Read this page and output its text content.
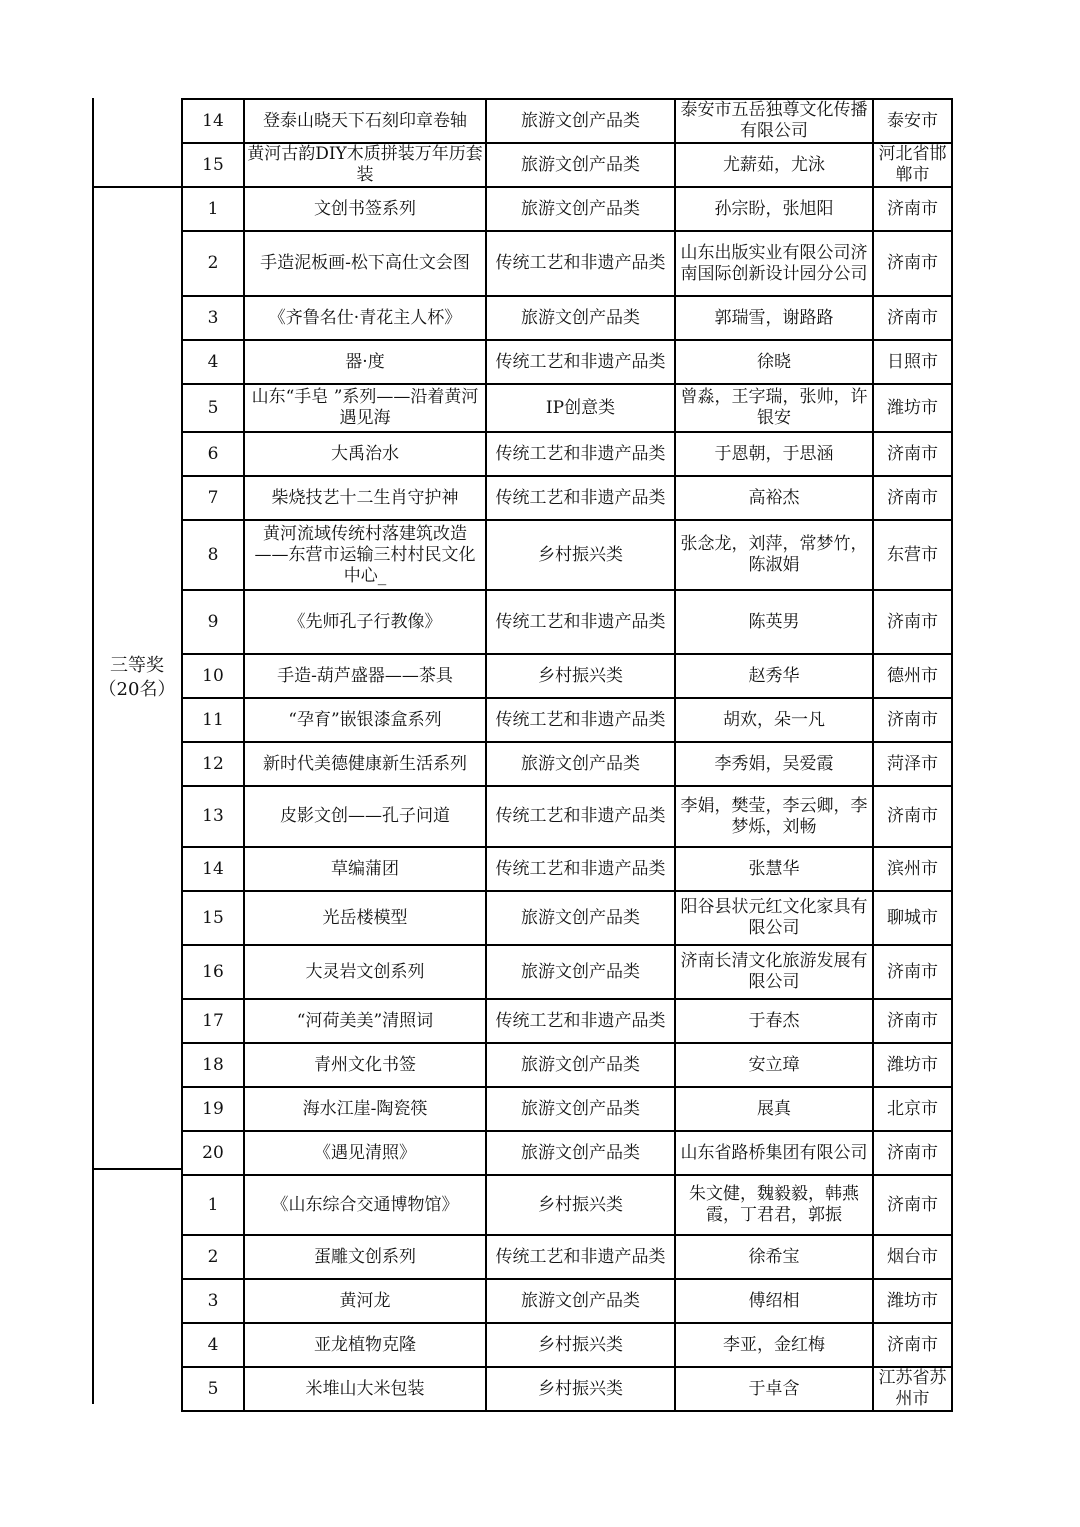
三等奖
（20名）
14	登泰山晓天下石刻印章卷轴	旅游文创产品类	泰安市五岳独尊文化传播有限公司	泰安市
15	黄河古韵DIY木质拼装万年历套装	旅游文创产品类	尤薪茹，尤泳	河北省邯郸市
1	文创书签系列	旅游文创产品类	孙宗盼，张旭阳	济南市
2	手造泥板画-松下高仕文会图	传统工艺和非遗产品类	山东出版实业有限公司济南国际创新设计园分公司	济南市
3	《齐鲁名仕·青花主人杯》	旅游文创产品类	郭瑞雪，谢路路	济南市
4	器·度	传统工艺和非遗产品类	徐晓	日照市
5	山东“手皂 ”系列——沿着黄河遇见海	IP创意类	曾淼，王字瑞，张帅，许银安	潍坊市
6	大禹治水	传统工艺和非遗产品类	于恩朝，于思涵	济南市
7	柴烧技艺十二生肖守护神	传统工艺和非遗产品类	高裕杰	济南市
8	黄河流域传统村落建筑改造——东营市运输三村村民文化中心_	乡村振兴类	张念龙，刘萍，常梦竹，陈淑娟	东营市
9	《先师孔子行教像》	传统工艺和非遗产品类	陈英男	济南市
10	手造-葫芦盛器——茶具	乡村振兴类	赵秀华	德州市
11	“孕育”嵌银漆盒系列	传统工艺和非遗产品类	胡欢，朵一凡	济南市
12	新时代美德健康新生活系列	旅游文创产品类	李秀娟，吴爱霞	菏泽市
13	皮影文创——孔子问道	传统工艺和非遗产品类	李娟，樊莹，李云卿，李梦烁，刘畅	济南市
14	草编蒲团	传统工艺和非遗产品类	张慧华	滨州市
15	光岳楼模型	旅游文创产品类	阳谷县状元红文化家具有限公司	聊城市
16	大灵岩文创系列	旅游文创产品类	济南长清文化旅游发展有限公司	济南市
17	“河荷美美”清照词	传统工艺和非遗产品类	于春杰	济南市
18	青州文化书签	旅游文创产品类	安立璋	潍坊市
19	海水江崖-陶瓷筷	旅游文创产品类	展真	北京市
20	《遇见清照》	旅游文创产品类	山东省路桥集团有限公司	济南市
1	《山东综合交通博物馆》	乡村振兴类	朱文健，魏毅毅，韩燕霞，丁君君，郭振	济南市
2	蛋雕文创系列	传统工艺和非遗产品类	徐希宝	烟台市
3	黄河龙	旅游文创产品类	傅绍相	潍坊市
4	亚龙植物克隆	乡村振兴类	李亚，金红梅	济南市
5	米堆山大米包装	乡村振兴类	于卓含	江苏省苏州市
